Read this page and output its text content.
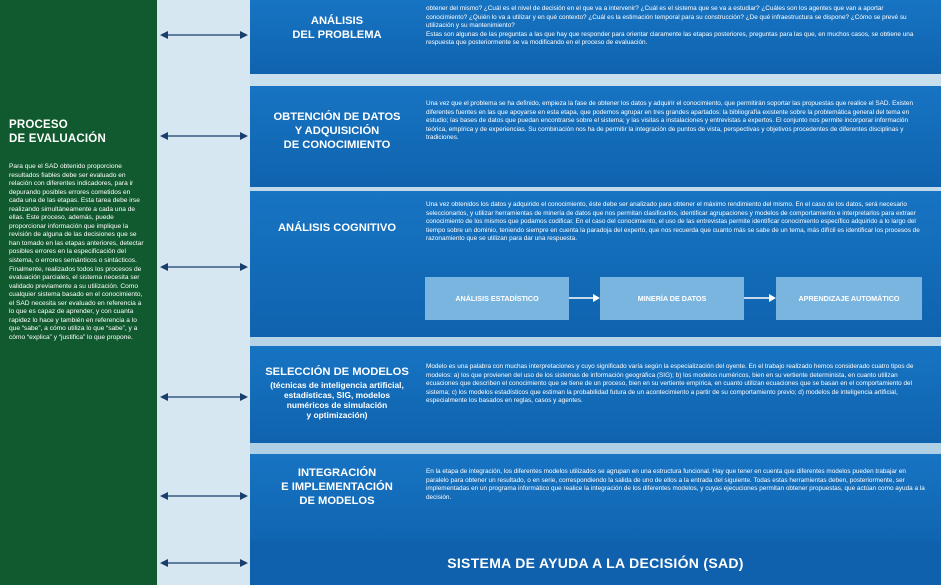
PROCESO
DE EVALUACIÓN
Para que el SAD obtenido proporcione resultados fiables debe ser evaluado en relación con diferentes indicadores, para ir depurando posibles errores cometidos en cada una de las etapas. Esta tarea debe irse realizando simultáneamente a cada una de ellas. Este proceso, además, puede proporcionar información que implique la revisión de alguna de las decisiones que se han tomado en las etapas anteriores, detectar posibles errores en la especificación del sistema, o errores semánticos o sintácticos. Finalmente, realizados todos los procesos de evaluación parciales, el sistema necesita ser validado previamente a su utilización. Como cualquier sistema basado en el conocimiento, el SAD necesita ser evaluado en referencia a lo que es capaz de aprender, y con cuanta rapidez lo hace y también en referencia a lo que “sabe”, a cómo utiliza lo que “sabe”, y a cómo “explica” y “justifica” lo que propone.
ANÁLISIS
DEL PROBLEMA
obtener del mismo? ¿Cuál es el nivel de decisión en el que va a intervenir? ¿Cuál es el sistema que se va a estudiar? ¿Cuáles son los agentes que van a aportar conocimiento? ¿Quién lo va a utilizar y en qué contexto? ¿Cuál es la estimación temporal para su construcción? ¿De qué infraestructura se dispone? ¿Cómo se prevé su utilización y su mantenimiento?
Estas son algunas de las preguntas a las que hay que responder para orientar claramente las etapas posteriores, preguntas para las que, en muchos casos, se obtiene una respuesta que posteriormente se va modificando en el proceso de evaluación.
OBTENCIÓN DE DATOS
Y ADQUISICIÓN
DE CONOCIMIENTO
Una vez que el problema se ha definido, empieza la fase de obtener los datos y adquirir el conocimiento, que permitirán soportar las propuestas que realice el SAD. Existen diferentes fuentes en las que apoyarse en esta etapa, que podemos agrupar en tres grandes apartados: la bibliografía existente sobre la problemática general del tema en estudio; las bases de datos que puedan encontrarse sobre el sistema; y las visitas a instalaciones y entrevistas a expertos. El conjunto nos permite incorporar información teórica, empírica y de experiencias. Su combinación nos ha de permitir la integración de puntos de vista, perspectivas y objetivos procedentes de diferentes disciplinas y tradiciones.
ANÁLISIS COGNITIVO
Una vez obtenidos los datos y adquirido el conocimiento, éste debe ser analizado para obtener el máximo rendimiento del mismo. En el caso de los datos, será necesario seleccionarlos, y utilizar herramientas de minería de datos que nos permitan clasificarlos, identificar agrupaciones y modelos de comportamiento e interpretarlos para extraer conocimiento de los mismos que podamos codificar. En el caso del conocimiento, el uso de las entrevistas permite identificar conocimiento específico adquirido a lo largo del tiempo sobre un dominio, teniendo siempre en cuenta la paradoja del experto, que nos recuerda que cuanto más se sabe de un tema, más difícil es identificar los procesos de razonamiento que se utilizan para dar una respuesta.
ANÁLISIS ESTADÍSTICO	MINERÍA DE DATOS	APRENDIZAJE AUTOMÁTICO
SELECCIÓN DE MODELOS
(técnicas de inteligencia artificial,
estadísticas, SIG, modelos
numéricos de simulación
y optimización)
Modelo es una palabra con muchas interpretaciones y cuyo significado varía según la especialización del oyente. En el trabajo realizado hemos considerado cuatro tipos de modelos: a) los que provienen del uso de los sistemas de información geográfica (SIG); b) los modelos numéricos, bien en su vertiente determinista, en cuanto utilizan ecuaciones que describen el conocimiento que se tiene de un proceso, bien en su vertiente empírica, en cuanto utilizan ecuaciones que se basan en el comportamiento del sistema; c) los modelos estadísticos que estiman la probabilidad futura de un acontecimiento a partir de su comportamiento previo; d) modelos de inteligencia artificial, especialmente los basados en reglas, casos y agentes.
INTEGRACIÓN
E IMPLEMENTACIÓN
DE MODELOS
En la etapa de integración, los diferentes modelos utilizados se agrupan en una estructura funcional. Hay que tener en cuenta que diferentes modelos pueden trabajar en paralelo para obtener un resultado, o en serie, correspondiendo la salida de uno de ellos a la entrada del siguiente. Todas estas herramientas deben, posteriormente, ser implementadas en un programa informático que realice la integración de los diferentes modelos, y cuyas ejecuciones permitan obtener propuestas, que actúan como ayuda a la decisión.
SISTEMA DE AYUDA A LA DECISIÓN (SAD)
